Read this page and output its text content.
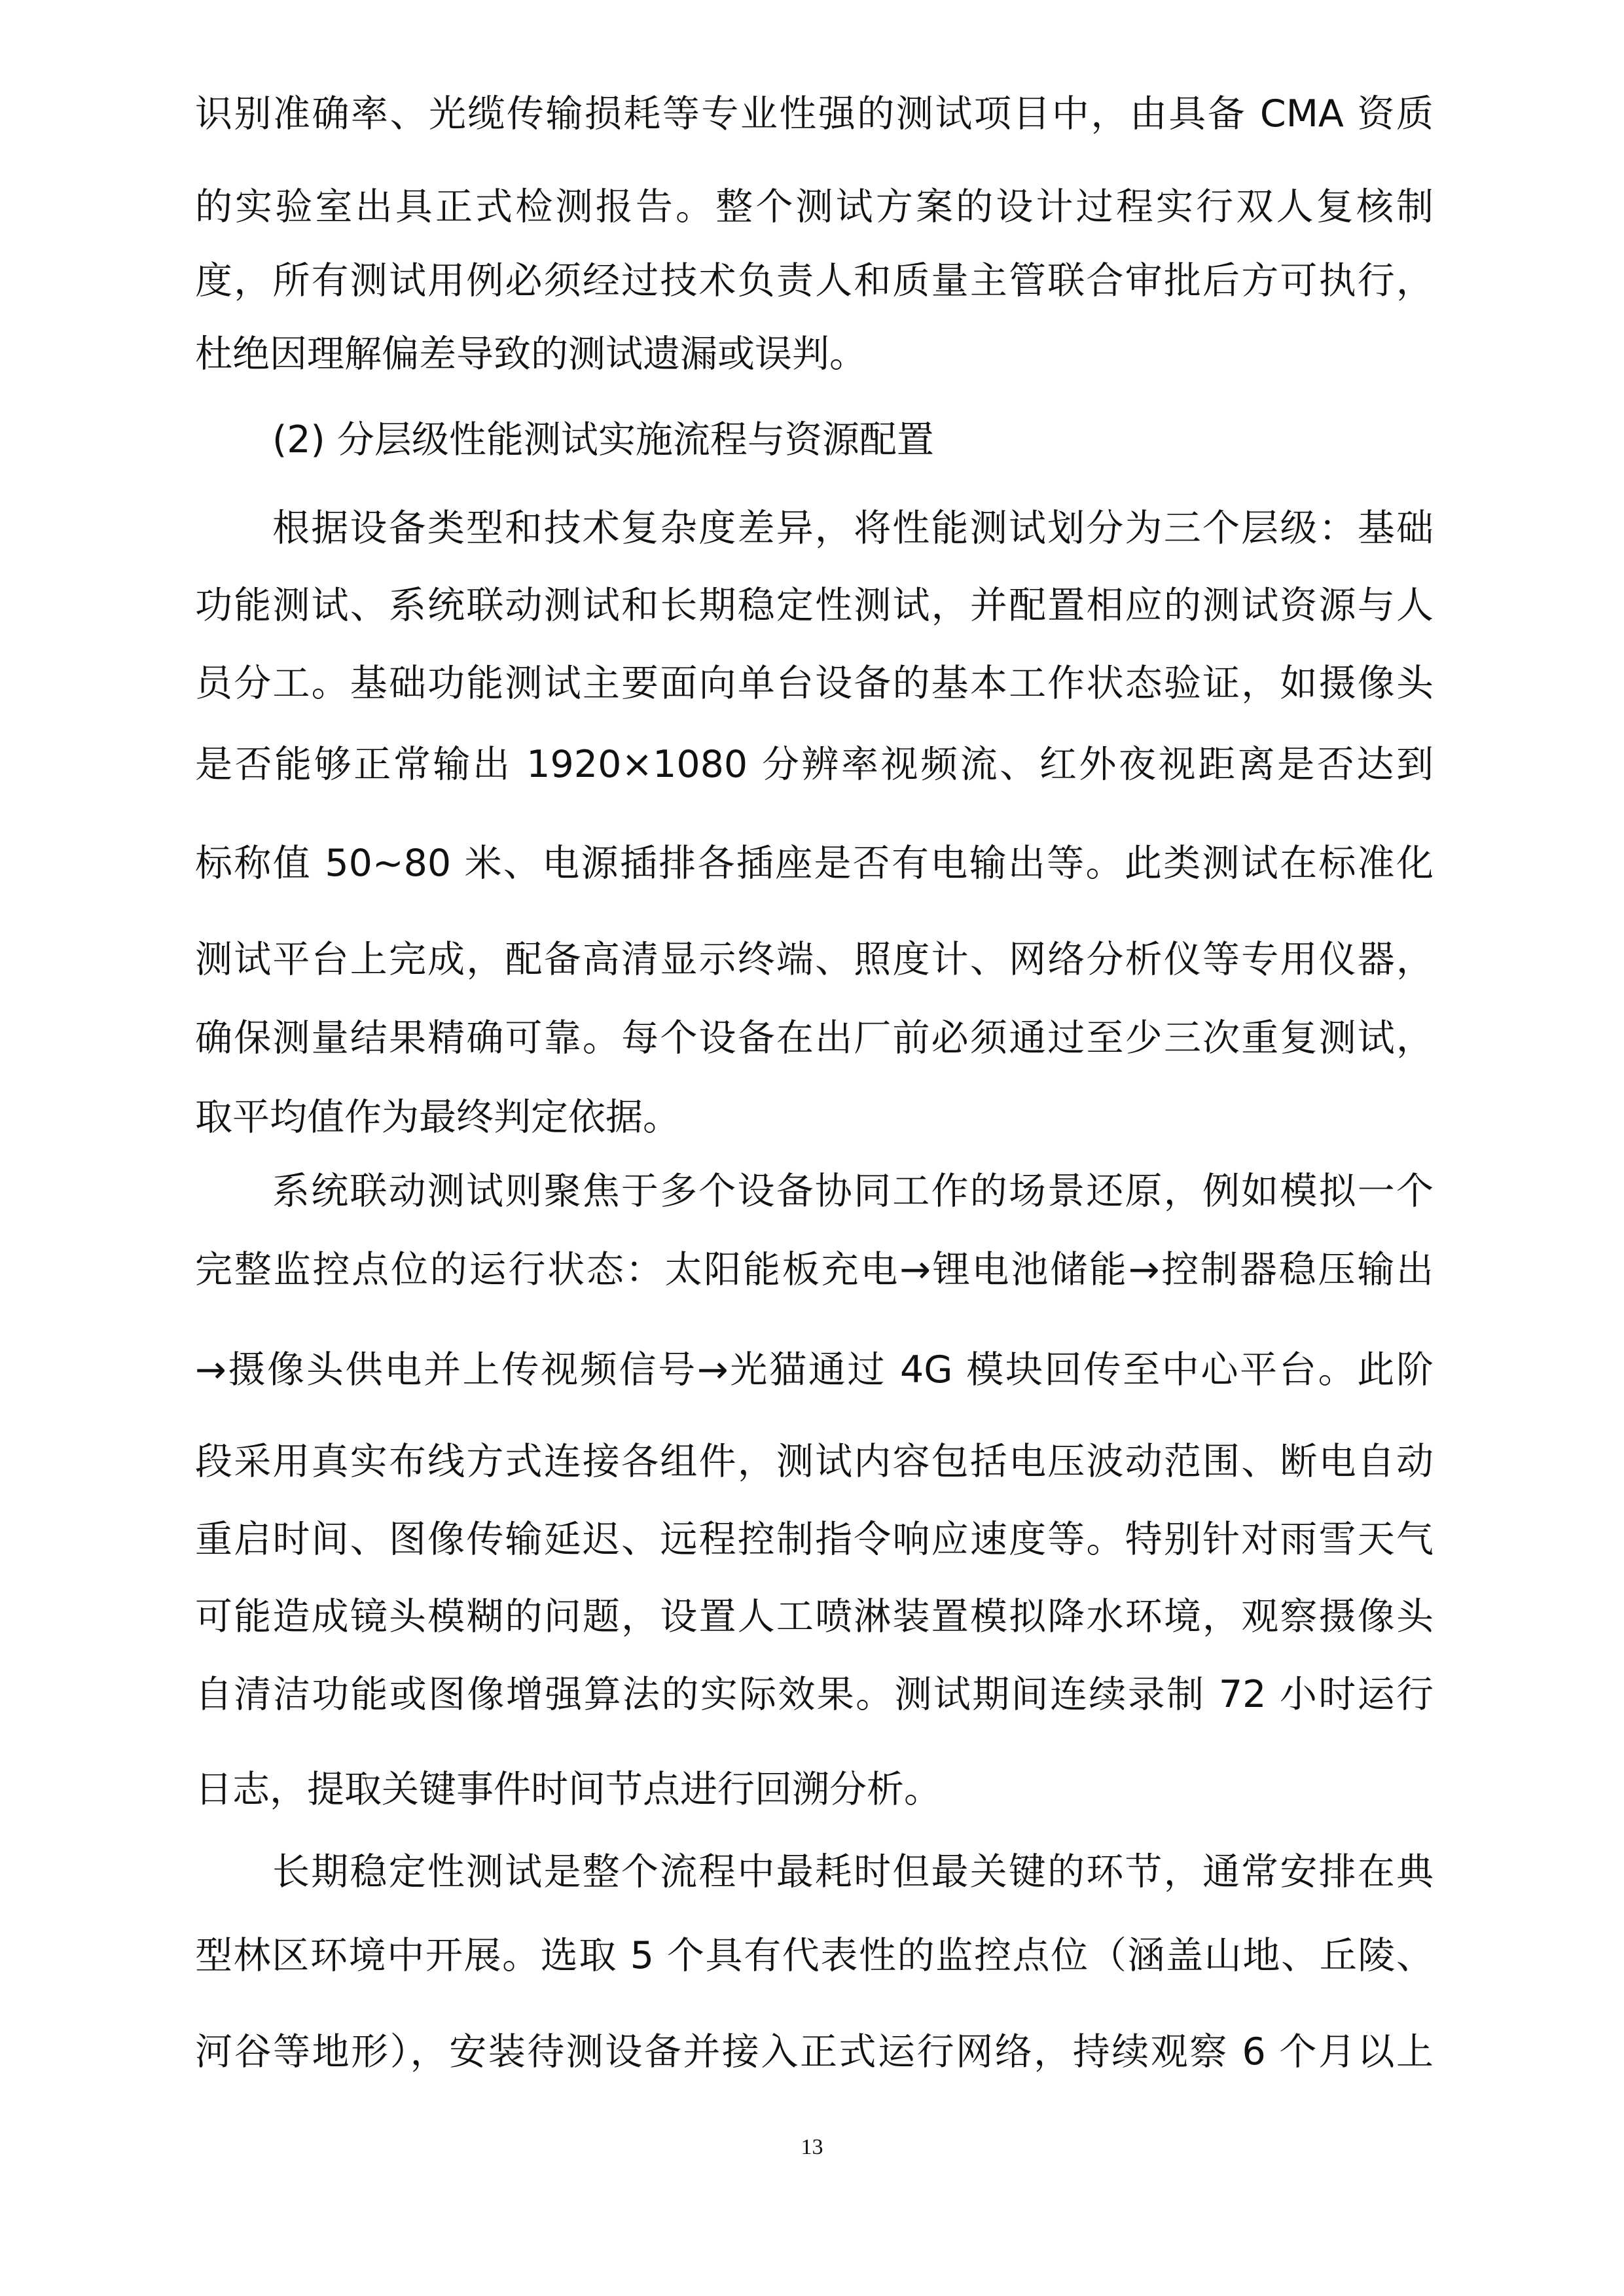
识别准确率、光缆传输损耗等专业性强的测试项目中，由具备 CMA 资质
的实验室出具正式检测报告。整个测试方案的设计过程实行双人复核制
度，所有测试用例必须经过技术负责人和质量主管联合审批后方可执行，
杜绝因理解偏差导致的测试遗漏或误判。
(2) 分层级性能测试实施流程与资源配置
根据设备类型和技术复杂度差异，将性能测试划分为三个层级：基础
功能测试、系统联动测试和长期稳定性测试，并配置相应的测试资源与人
员分工。基础功能测试主要面向单台设备的基本工作状态验证，如摄像头
是否能够正常输出 1920×1080 分辨率视频流、红外夜视距离是否达到
标称值 50~80 米、电源插排各插座是否有电输出等。此类测试在标准化
测试平台上完成，配备高清显示终端、照度计、网络分析仪等专用仪器，
确保测量结果精确可靠。每个设备在出厂前必须通过至少三次重复测试，
取平均值作为最终判定依据。
系统联动测试则聚焦于多个设备协同工作的场景还原，例如模拟一个
完整监控点位的运行状态：太阳能板充电→锂电池储能→控制器稳压输出
→摄像头供电并上传视频信号→光猫通过 4G 模块回传至中心平台。此阶
段采用真实布线方式连接各组件，测试内容包括电压波动范围、断电自动
重启时间、图像传输延迟、远程控制指令响应速度等。特别针对雨雪天气
可能造成镜头模糊的问题，设置人工喷淋装置模拟降水环境，观察摄像头
自清洁功能或图像增强算法的实际效果。测试期间连续录制 72 小时运行
日志，提取关键事件时间节点进行回溯分析。
长期稳定性测试是整个流程中最耗时但最关键的环节，通常安排在典
型林区环境中开展。选取 5 个具有代表性的监控点位（涵盖山地、丘陵、
河谷等地形），安装待测设备并接入正式运行网络，持续观察 6 个月以上
13
